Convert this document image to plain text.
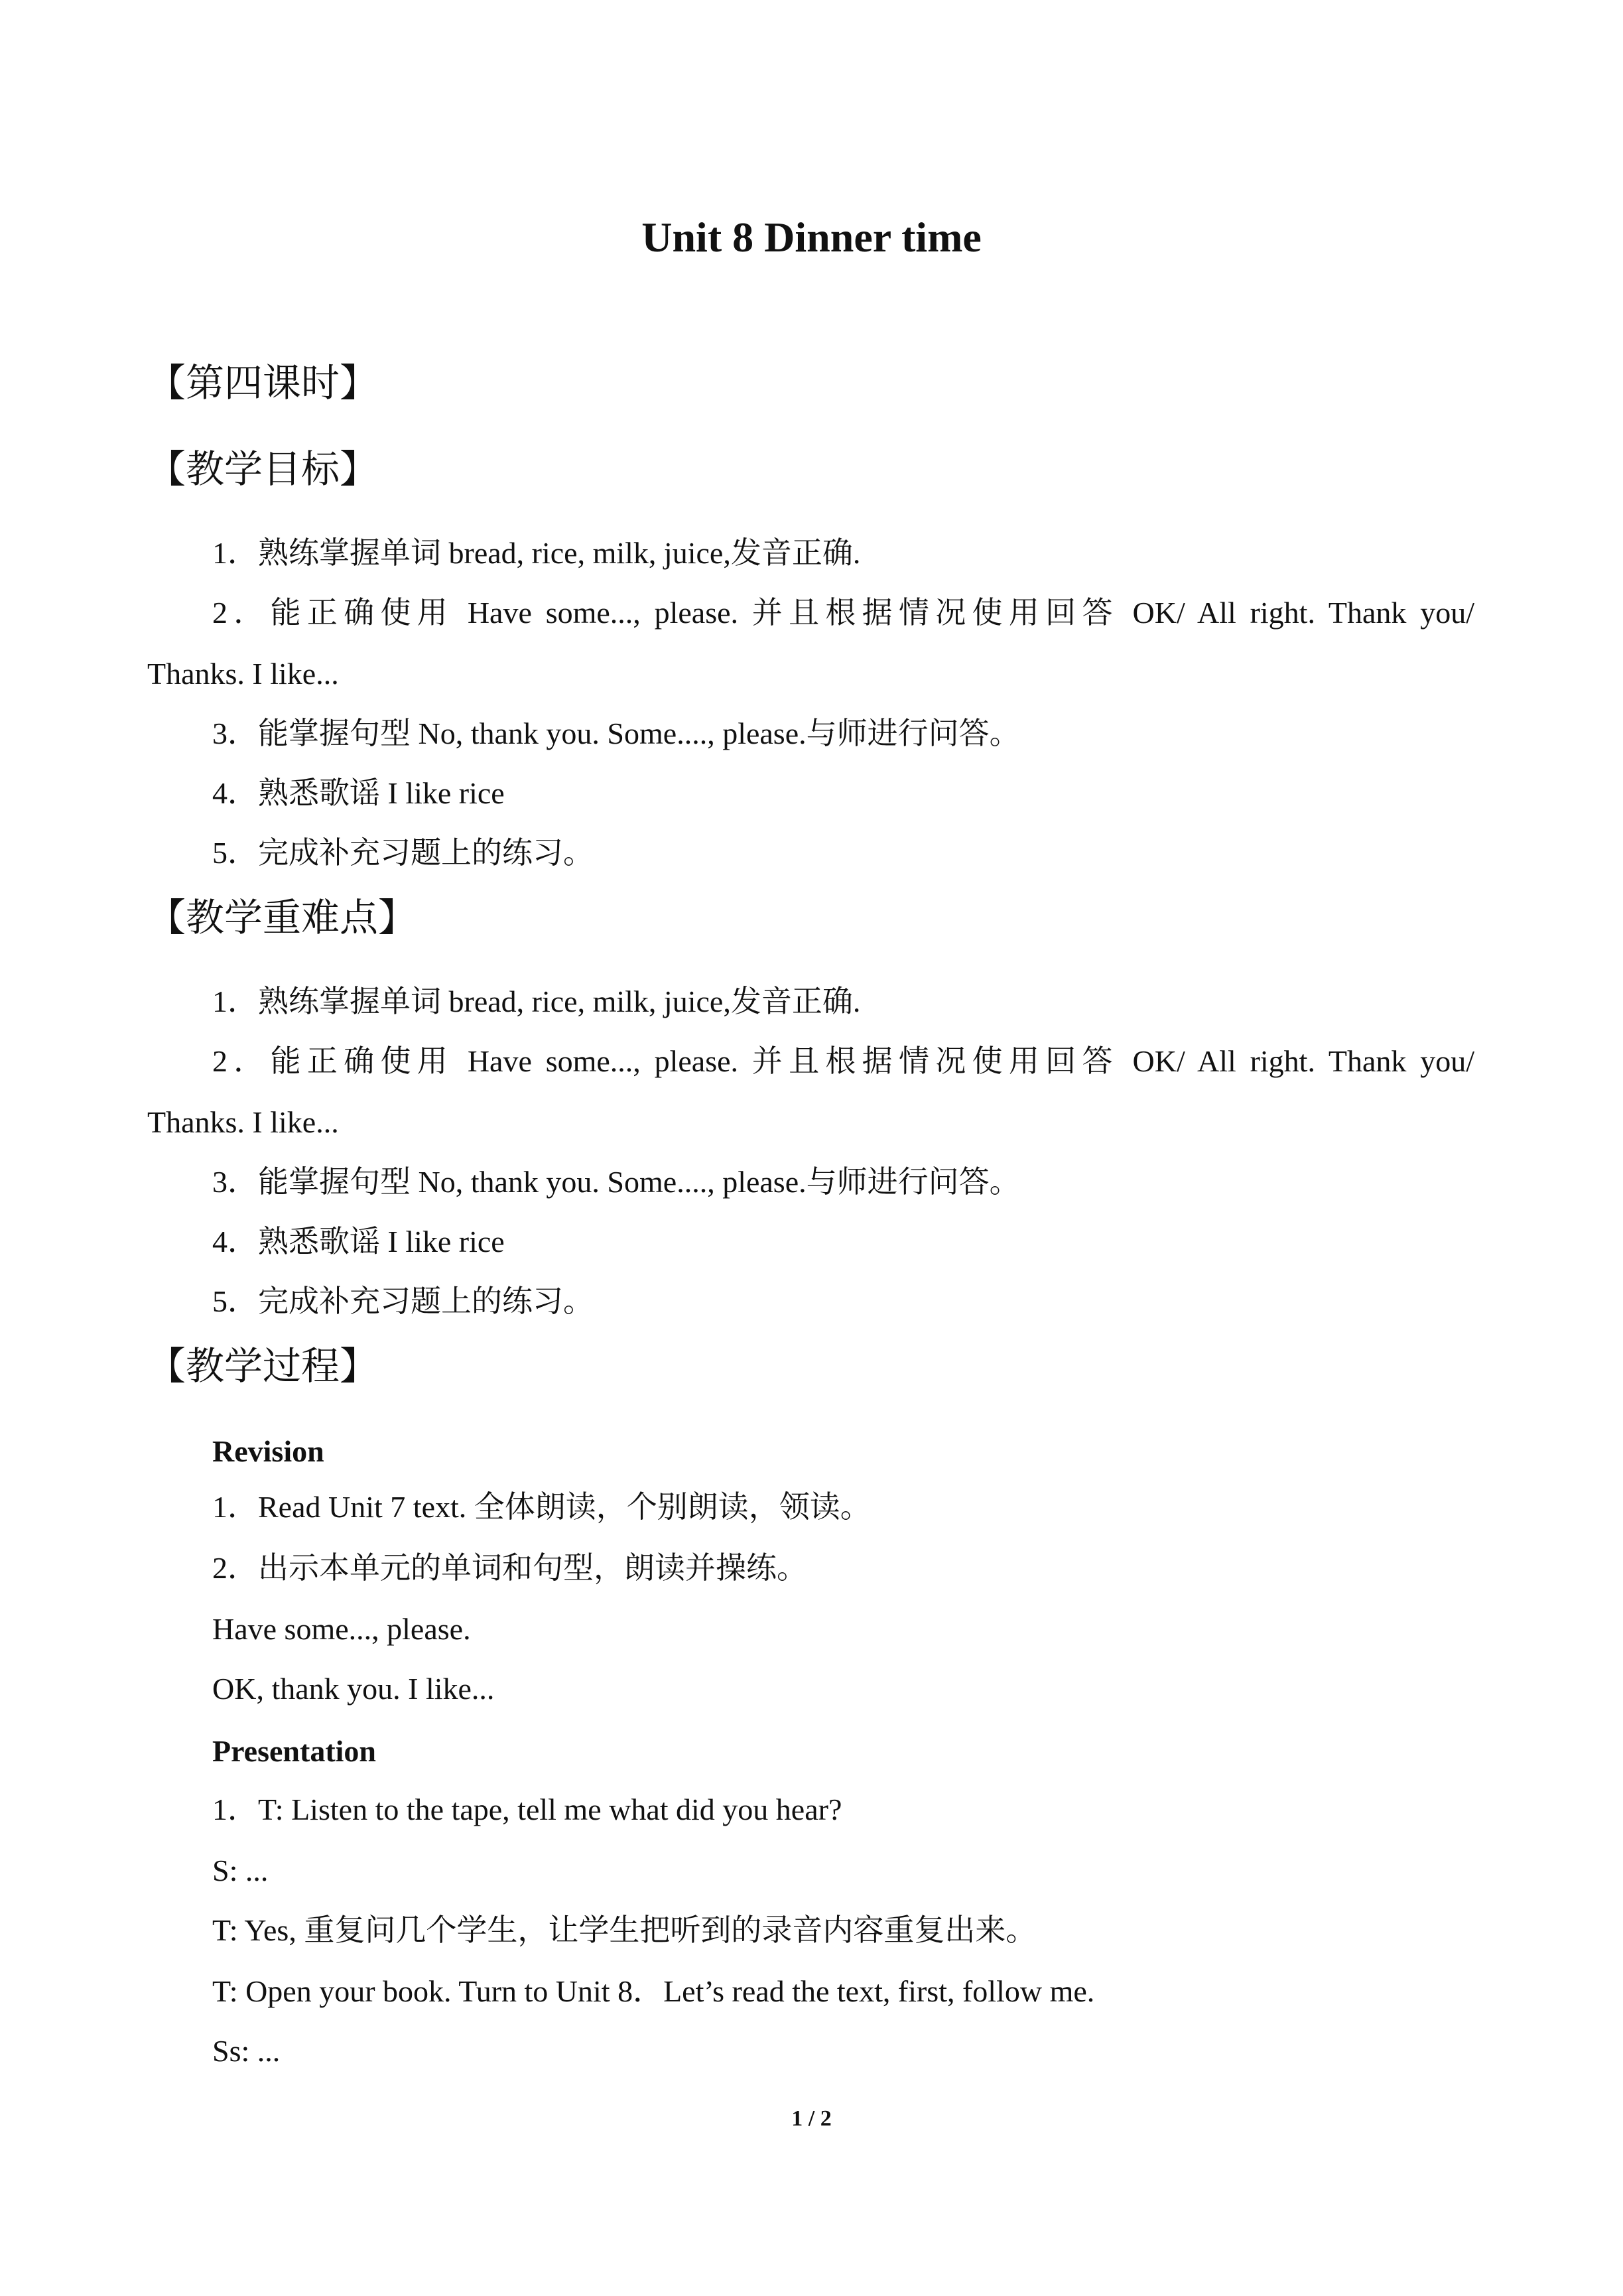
Unit 8 Dinner time
【第四课时】
【教学目标】
1．熟练掌握单词 bread, rice, milk, juice,发音正确.
2．能正确使用 Have some..., please. 并且根据情况使用回答 OK/ All right. Thank you/
Thanks. I like...
3．能掌握句型 No, thank you. Some...., please.与师进行问答。
4．熟悉歌谣 I like rice
5．完成补充习题上的练习。
【教学重难点】
1．熟练掌握单词 bread, rice, milk, juice,发音正确.
2．能正确使用 Have some..., please. 并且根据情况使用回答 OK/ All right. Thank you/
Thanks. I like...
3．能掌握句型 No, thank you. Some...., please.与师进行问答。
4．熟悉歌谣 I like rice
5．完成补充习题上的练习。
【教学过程】
Revision
1．Read Unit 7 text. 全体朗读，个别朗读，领读。
2．出示本单元的单词和句型，朗读并操练。
Have some..., please.
OK, thank you. I like...
Presentation
1．T: Listen to the tape, tell me what did you hear?
S: ...
T: Yes, 重复问几个学生，让学生把听到的录音内容重复出来。
T: Open your book. Turn to Unit 8．Let’s read the text, first, follow me.
Ss: ...
1 / 2
